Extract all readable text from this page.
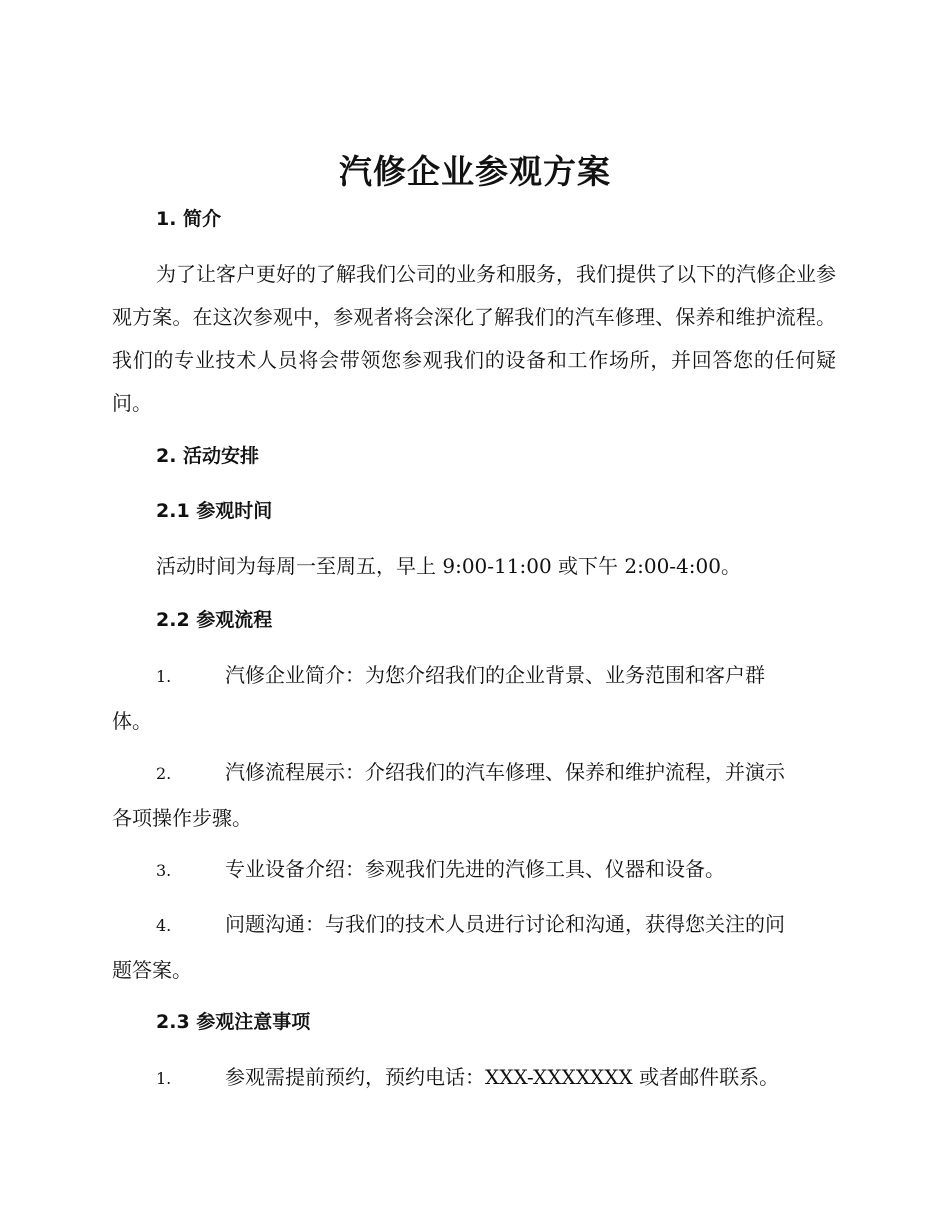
汽修企业参观方案
1. 简介

为了让客户更好的了解我们公司的业务和服务，我们提供了以下的汽修企业参观方案。在这次参观中，参观者将会深化了解我们的汽车修理、保养和维护流程。我们的专业技术人员将会带领您参观我们的设备和工作场所，并回答您的任何疑问。

2. 活动安排
2.1 参观时间

活动时间为每周一至周五，早上 9:00-11:00 或下午 2:00-4:00。

2.2 参观流程
1.	汽修企业简介：为您介绍我们的企业背景、业务范围和客户群
体。
2.	汽修流程展示：介绍我们的汽车修理、保养和维护流程，并演示
各项操作步骤。
3.	专业设备介绍：参观我们先进的汽修工具、仪器和设备。
4.	问题沟通：与我们的技术人员进行讨论和沟通，获得您关注的问
题答案。
2.3 参观注意事项
1.	参观需提前预约，预约电话：XXX-XXXXXXX 或者邮件联系。
